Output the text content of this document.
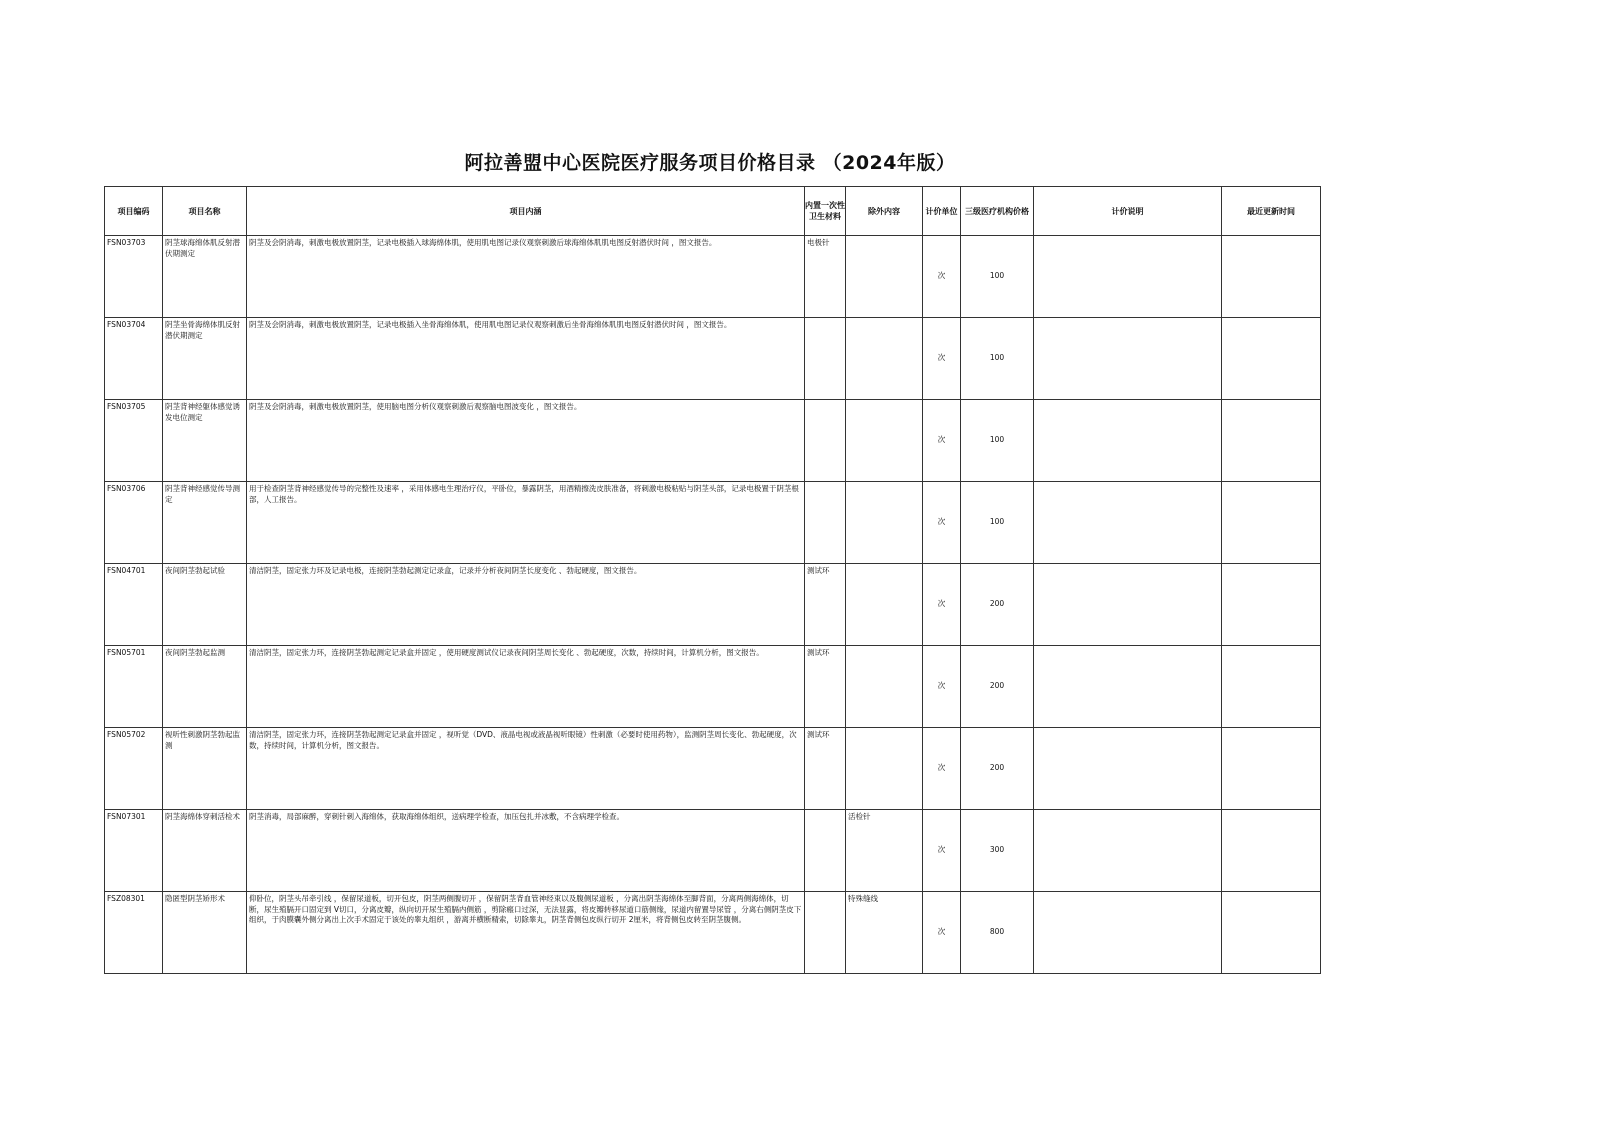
阿拉善盟中心医院医疗服务项目价格目录 （2024年版）
项目编码	项目名称	项目内涵	内置一次性卫生材料	除外内容	计价单位	三级医疗机构价格	计价说明	最近更新时间
FSN03703	阴茎球海绵体肌反射潜伏期测定	阴茎及会阴消毒，刺激电极放置阴茎，记录电极插入球海绵体肌，使用肌电图记录仪观察刺激后球海绵体肌肌电图反射潜伏时间 ，图文报告。	电极针		次	100		
FSN03704	阴茎坐骨海绵体肌反射潜伏期测定	阴茎及会阴消毒，刺激电极放置阴茎，记录电极插入坐骨海绵体肌，使用肌电图记录仪观察刺激后坐骨海绵体肌肌电图反射潜伏时间 ，图文报告。			次	100		
FSN03705	阴茎背神经躯体感觉诱发电位测定	阴茎及会阴消毒，刺激电极放置阴茎，使用脑电图分析仪观察刺激后观察脑电图波变化 ，图文报告。			次	100		
FSN03706	阴茎背神经感觉传导测定	用于检查阴茎背神经感觉传导的完整性及速率 ，采用体感电生理治疗仪，平卧位，暴露阴茎，用酒精擦洗皮肤准备，将刺激电极粘贴与阴茎头部，记录电极置于阴茎根部，人工报告。			次	100		
FSN04701	夜间阴茎勃起试验	清洁阴茎，固定张力环及记录电极，连接阴茎勃起测定记录盒，记录并分析夜间阴茎长度变化 、勃起硬度，图文报告。	测试环		次	200		
FSN05701	夜间阴茎勃起监测	清洁阴茎，固定张力环，连接阴茎勃起测定记录盒并固定 ，使用硬度测试仪记录夜间阴茎周长变化 、勃起硬度，次数，持续时间，计算机分析，图文报告。	测试环		次	200		
FSN05702	视听性刺激阴茎勃起监测	清洁阴茎，固定张力环，连接阴茎勃起测定记录盒并固定 ，视听觉（DVD、液晶电视或液晶视听眼镜）性刺激（必要时使用药物），监测阴茎周长变化、勃起硬度，次数，持续时间，计算机分析，图文报告。	测试环		次	200		
FSN07301	阴茎海绵体穿刺活检术	阴茎消毒，局部麻醉，穿刺针刺入海绵体，获取海绵体组织，送病理学检查，加压包扎并冰敷，不含病理学检查。		活检针	次	300		
FSZ08301	隐匿型阴茎矫形术	仰卧位，阴茎头吊牵引线 ，保留尿道板，切开包皮，阴茎两侧腹切开 ，保留阴茎背血管神经束以及腹侧尿道板 ，分离出阴茎海绵体至脚背面，分离两侧海绵体，切断，尿生殖膈开口固定到 V切口，分离皮瓣，纵向切开尿生殖膈内侧筋 ，剪除瘢口过深，无法显露，将皮瓣转移尿道口筋侧缘，尿道内留置导尿管 ，分离右侧阴茎皮下组织，于肉膜囊外侧分离出上次手术固定于该处的睾丸组织 ，游离并横断精索，切除睾丸，阴茎背侧包皮纵行切开 2厘米，将背侧包皮转至阴茎腹侧。		特殊缝线	次	800		
